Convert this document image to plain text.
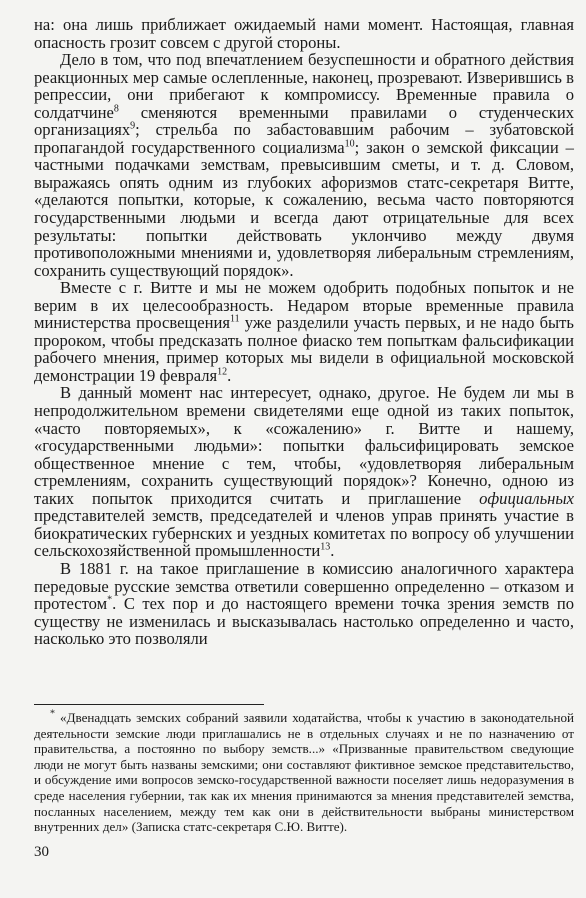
на: она лишь приближает ожидаемый нами момент. Настоящая, главная опасность грозит совсем с другой стороны.

Дело в том, что под впечатлением безуспешности и обратного действия реакционных мер самые ослепленные, наконец, прозревают. Изверившись в репрессии, они прибегают к компромиссу. Временные правила о солдатчине$^8$ сменяются временными правилами о студенческих организациях$^9$; стрельба по забастовавшим рабочим – зубатовской пропагандой государственного социализма$^{10}$; закон о земской фиксации – частными подачками земствам, превысившим сметы, и т. д. Словом, выражаясь опять одним из глубоких афоризмов статс-секретаря Витте, «делаются попытки, которые, к сожалению, весьма часто повторяются государственными людьми и всегда дают отрицательные для всех результаты: попытки действовать уклончиво между двумя противоположными мнениями и, удовлетворяя либеральным стремлениям, сохранить существующий порядок».

Вместе с г. Витте и мы не можем одобрить подобных попыток и не верим в их целесообразность. Недаром вторые временные правила министерства просвещения$^{11}$ уже разделили участь первых, и не надо быть пророком, чтобы предсказать полное фиаско тем попыткам фальсификации рабочего мнения, пример которых мы видели в официальной московской демонстрации 19 февраля$^{12}$.

В данный момент нас интересует, однако, другое. Не будем ли мы в непродолжительном времени свидетелями еще одной из таких попыток, «часто повторяемых», к «сожалению» г. Витте и нашему, «государственными людьми»: попытки фальсифицировать земское общественное мнение с тем, чтобы, «удовлетворяя либеральным стремлениям, сохранить существующий порядок»? Конечно, одною из таких попыток приходится считать и приглашение официальных представителей земств, председателей и членов управ принять участие в биократических губернских и уездных комитетах по вопросу об улучшении сельскохозяйственной промышленности$^{13}$.

В 1881 г. на такое приглашение в комиссию аналогичного характера передовые русские земства ответили совершенно определенно – отказом и протестом*. С тех пор и до настоящего времени точка зрения земств по существу не изменилась и высказывалась настолько определенно и часто, насколько это позволяли

* «Двенадцать земских собраний заявили ходатайства, чтобы к участию в законодательной деятельности земские люди приглашались не в отдельных случаях и не по назначению от правительства, а постоянно по выбору земств...» «Призванные правительством сведующие люди не могут быть названы земскими; они составляют фиктивное земское представительство, и обсуждение ими вопросов земско-государственной важности поселяет лишь недоразумения в среде населения губернии, так как их мнения принимаются за мнения представителей земства, посланных населением, между тем как они в действительности выбраны министерством внутренних дел» (Записка статс-секретаря С.Ю. Витте).

30
